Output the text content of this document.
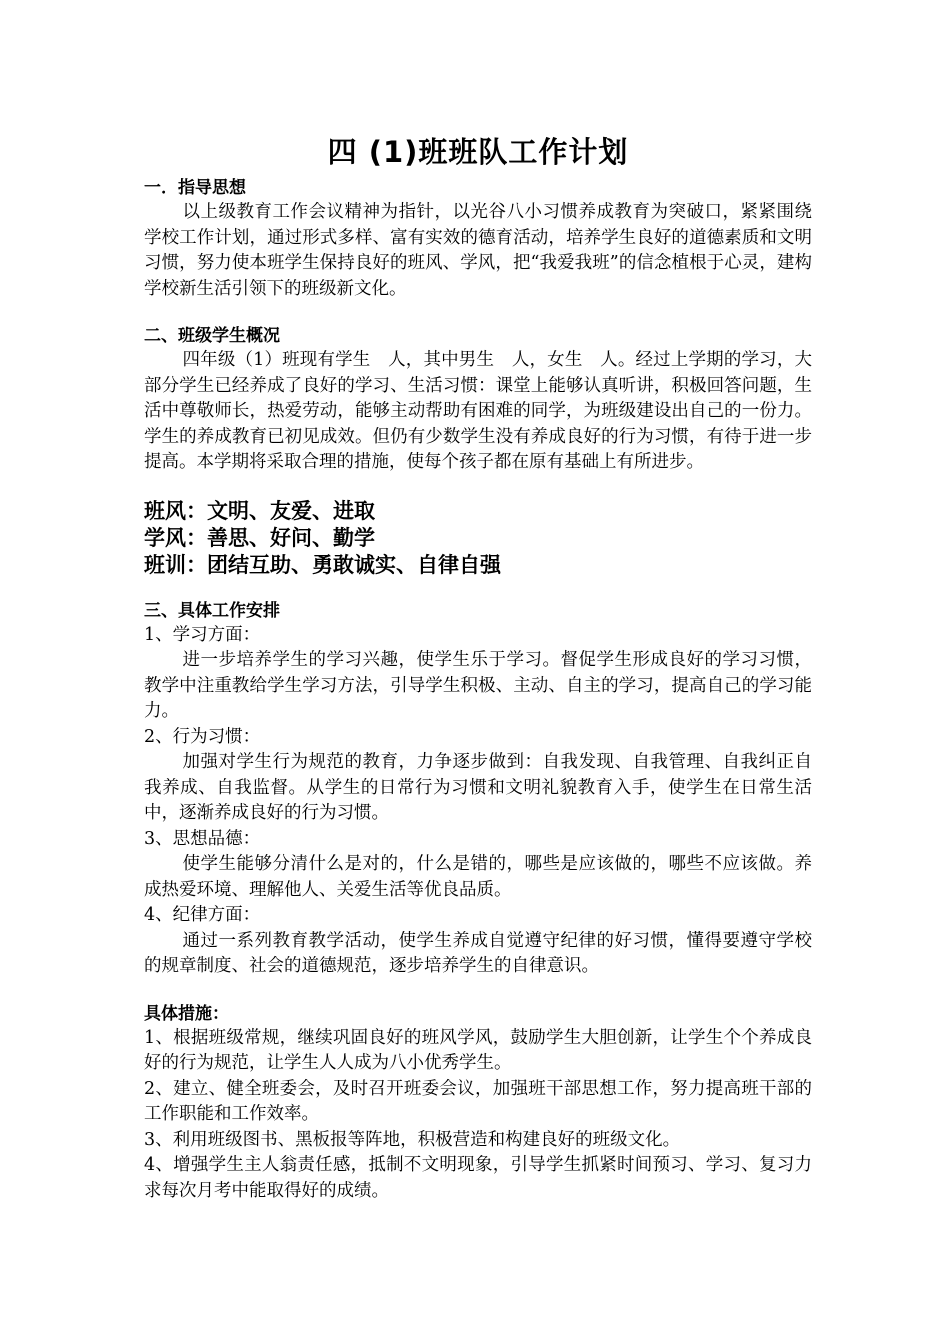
四 (1)班班队工作计划

一．指导思想

以上级教育工作会议精神为指针，以光谷八小习惯养成教育为突破口，紧紧围绕学校工作计划，通过形式多样、富有实效的德育活动，培养学生良好的道德素质和文明习惯，努力使本班学生保持良好的班风、学风，把“我爱我班”的信念植根于心灵，建构学校新生活引领下的班级新文化。

二、班级学生概况

四年级（1）班现有学生　人，其中男生　人，女生　人。经过上学期的学习，大部分学生已经养成了良好的学习、生活习惯：课堂上能够认真听讲，积极回答问题，生活中尊敬师长，热爱劳动，能够主动帮助有困难的同学，为班级建设出自己的一份力。学生的养成教育已初见成效。但仍有少数学生没有养成良好的行为习惯，有待于进一步提高。本学期将采取合理的措施，使每个孩子都在原有基础上有所进步。

班风：文明、友爱、进取

学风：善思、好问、勤学

班训：团结互助、勇敢诚实、自律自强

三、具体工作安排

1、学习方面：

进一步培养学生的学习兴趣，使学生乐于学习。督促学生形成良好的学习习惯，教学中注重教给学生学习方法，引导学生积极、主动、自主的学习，提高自己的学习能力。

2、行为习惯：

加强对学生行为规范的教育，力争逐步做到：自我发现、自我管理、自我纠正自我养成、自我监督。从学生的日常行为习惯和文明礼貌教育入手，使学生在日常生活中，逐渐养成良好的行为习惯。

3、思想品德：

使学生能够分清什么是对的，什么是错的，哪些是应该做的，哪些不应该做。养成热爱环境、理解他人、关爱生活等优良品质。

4、纪律方面：

通过一系列教育教学活动，使学生养成自觉遵守纪律的好习惯，懂得要遵守学校的规章制度、社会的道德规范，逐步培养学生的自律意识。

具体措施：

1、根据班级常规，继续巩固良好的班风学风，鼓励学生大胆创新，让学生个个养成良好的行为规范，让学生人人成为八小优秀学生。

2、建立、健全班委会，及时召开班委会议，加强班干部思想工作，努力提高班干部的工作职能和工作效率。

3、利用班级图书、黑板报等阵地，积极营造和构建良好的班级文化。

4、增强学生主人翁责任感，抵制不文明现象，引导学生抓紧时间预习、学习、复习力求每次月考中能取得好的成绩。
